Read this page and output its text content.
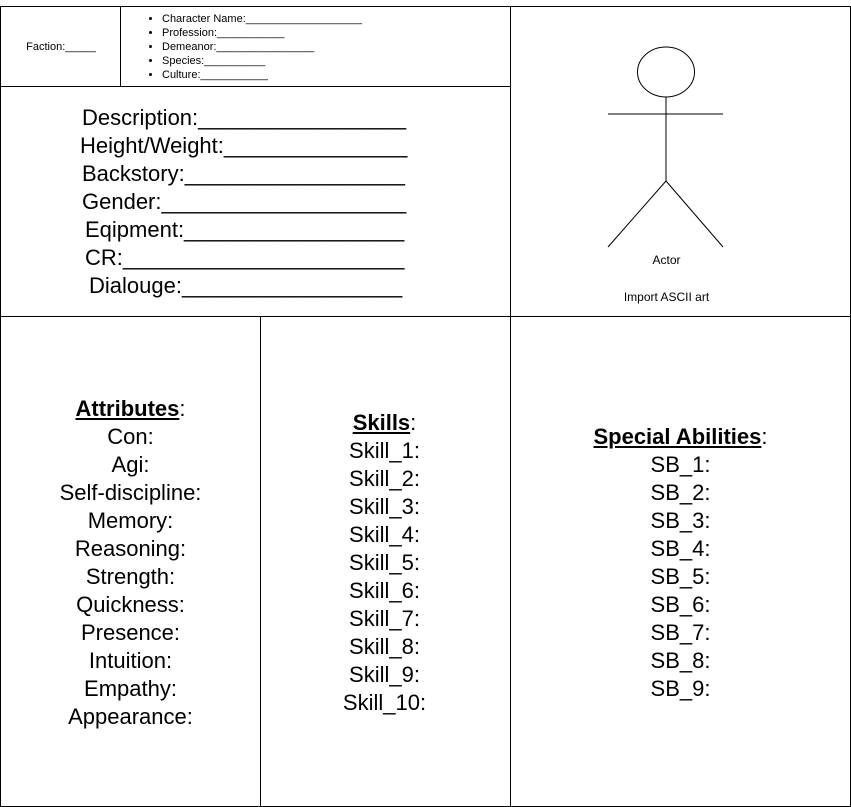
Faction:_____
• Character Name:___________________
• Profession:___________
• Demeanor:________________
• Species:__________
• Culture:___________
Description:_________________
Height/Weight:_______________
Backstory:__________________
Gender:____________________
Eqipment:__________________
CR:_______________________
Dialouge:__________________
Actor
Import ASCII art
Attributes:
Con:
Agi:
Self-discipline:
Memory:
Reasoning:
Strength:
Quickness:
Presence:
Intuition:
Empathy:
Appearance:
Skills:
Skill_1:
Skill_2:
Skill_3:
Skill_4:
Skill_5:
Skill_6:
Skill_7:
Skill_8:
Skill_9:
Skill_10:
Special Abilities:
SB_1:
SB_2:
SB_3:
SB_4:
SB_5:
SB_6:
SB_7:
SB_8:
SB_9:
